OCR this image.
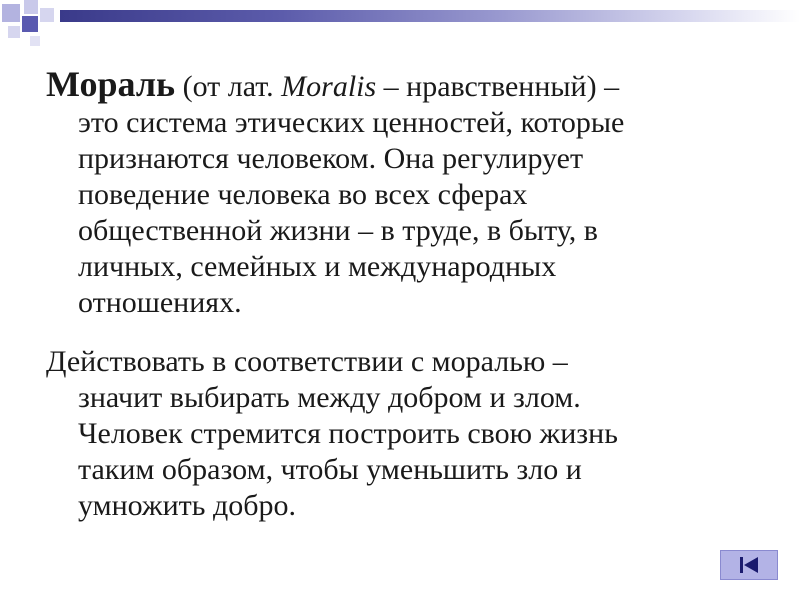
Мораль (от лат. Moralis – нравственный) –
это система этических ценностей, которые
признаются человеком. Она регулирует
поведение человека во всех сферах
общественной жизни – в труде, в быту, в
личных, семейных и международных
отношениях.
Действовать в соответствии с моралью –
значит выбирать между добром и злом.
Человек стремится построить свою жизнь
таким образом, чтобы уменьшить зло и
умножить добро.
